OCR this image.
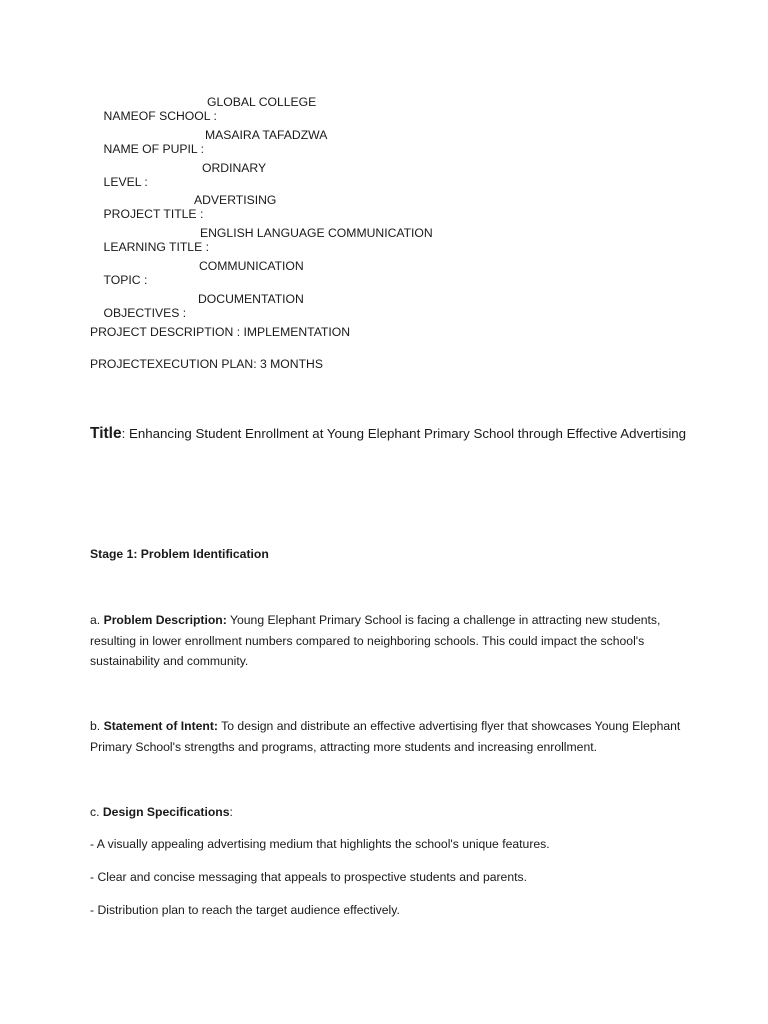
NAMEOF SCHOOL :

GLOBAL COLLEGE

NAME OF PUPIL :

MASAIRA TAFADZWA

LEVEL :

ORDINARY

PROJECT TITLE :

ADVERTISING

LEARNING TITLE :

ENGLISH LANGUAGE COMMUNICATION

TOPIC :

COMMUNICATION

OBJECTIVES :

DOCUMENTATION

PROJECT DESCRIPTION : IMPLEMENTATION
PROJECTEXECUTION PLAN: 3 MONTHS
Title: Enhancing Student Enrollment at Young Elephant Primary School through Effective Advertising
Stage 1: Problem Identification
a. Problem Description: Young Elephant Primary School is facing a challenge in attracting new students, resulting in lower enrollment numbers compared to neighboring schools. This could impact the school's sustainability and community.
b. Statement of Intent: To design and distribute an effective advertising flyer that showcases Young Elephant Primary School's strengths and programs, attracting more students and increasing enrollment.
c. Design Specifications:
- A visually appealing advertising medium that highlights the school's unique features.
- Clear and concise messaging that appeals to prospective students and parents.
- Distribution plan to reach the target audience effectively.
